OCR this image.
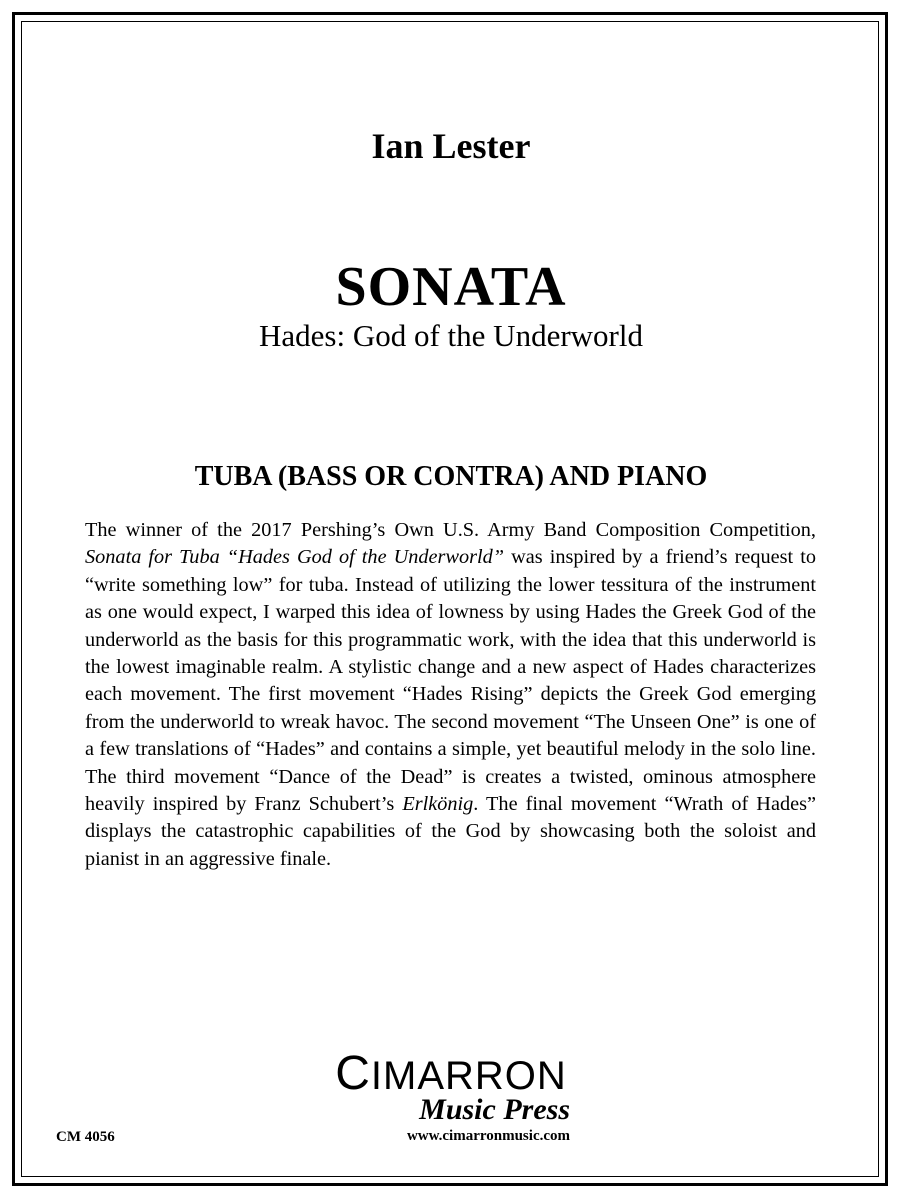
Ian Lester
SONATA
Hades: God of the Underworld
TUBA (BASS OR CONTRA) AND PIANO

The winner of the 2017 Pershing’s Own U.S. Army Band Composition Competition, Sonata for Tuba “Hades God of the Underworld” was inspired by a friend’s request to “write something low” for tuba. Instead of utilizing the lower tessitura of the instrument as one would expect, I warped this idea of lowness by using Hades the Greek God of the underworld as the basis for this programmatic work, with the idea that this underworld is the lowest imaginable realm. A stylistic change and a new aspect of Hades characterizes each movement. The first movement “Hades Rising” depicts the Greek God emerging from the underworld to wreak havoc. The second movement “The Unseen One” is one of a few translations of “Hades” and contains a simple, yet beautiful melody in the solo line. The third movement “Dance of the Dead” is creates a twisted, ominous atmosphere heavily inspired by Franz Schubert’s Erlkönig. The final movement “Wrath of Hades” displays the catastrophic capabilities of the God by showcasing both the soloist and pianist in an aggressive finale.

CIMARRON
Music Press
www.cimarronmusic.com
CM 4056
